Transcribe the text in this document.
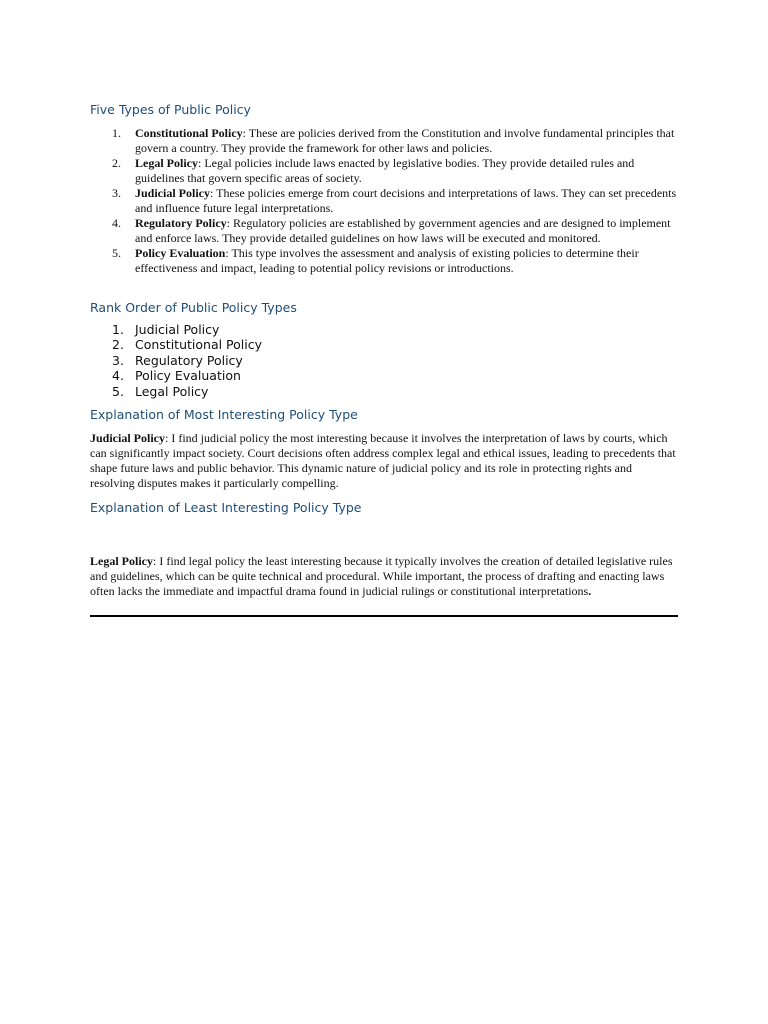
Five Types of Public Policy
1. Constitutional Policy: These are policies derived from the Constitution and involve fundamental principles that govern a country. They provide the framework for other laws and policies.
2. Legal Policy: Legal policies include laws enacted by legislative bodies. They provide detailed rules and guidelines that govern specific areas of society.
3. Judicial Policy: These policies emerge from court decisions and interpretations of laws. They can set precedents and influence future legal interpretations.
4. Regulatory Policy: Regulatory policies are established by government agencies and are designed to implement and enforce laws. They provide detailed guidelines on how laws will be executed and monitored.
5. Policy Evaluation: This type involves the assessment and analysis of existing policies to determine their effectiveness and impact, leading to potential policy revisions or introductions.
Rank Order of Public Policy Types
1. Judicial Policy
2. Constitutional Policy
3. Regulatory Policy
4. Policy Evaluation
5. Legal Policy
Explanation of Most Interesting Policy Type

Judicial Policy: I find judicial policy the most interesting because it involves the interpretation of laws by courts, which can significantly impact society. Court decisions often address complex legal and ethical issues, leading to precedents that shape future laws and public behavior. This dynamic nature of judicial policy and its role in protecting rights and resolving disputes makes it particularly compelling.

Explanation of Least Interesting Policy Type

Legal Policy: I find legal policy the least interesting because it typically involves the creation of detailed legislative rules and guidelines, which can be quite technical and procedural. While important, the process of drafting and enacting laws often lacks the immediate and impactful drama found in judicial rulings or constitutional interpretations.
